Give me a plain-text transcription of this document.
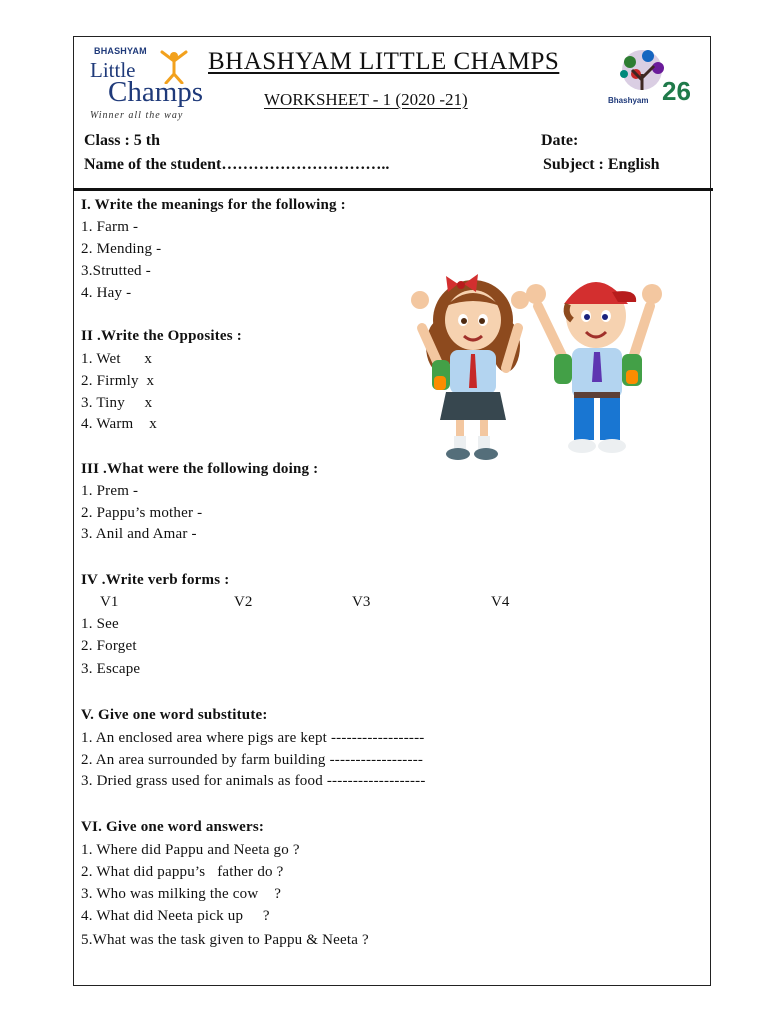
BHASHYAM
Little
Champs
Winner all the way
BHASHYAM LITTLE CHAMPS
WORKSHEET - 1 (2020 -21)	26
Bhashyam
Class : 5 th	Date:
Name of the student…………………………..	Subject : English
I. Write the meanings for the following :
1. Farm -
2. Mending -
3.Strutted -
4. Hay -
II .Write the Opposites :
1. Wet      x
2. Firmly  x
3. Tiny     x
4. Warm    x
III .What were the following doing :
1. Prem -
2. Pappu’s mother -
3. Anil and Amar -
IV .Write verb forms :
V1	V2	V3	V4
1. See
2. Forget
3. Escape
V. Give one word substitute:
1. An enclosed area where pigs are kept ------------------
2. An area surrounded by farm building ------------------
3. Dried grass used for animals as food -------------------
VI. Give one word answers:
1. Where did Pappu and Neeta go ?
2. What did pappu’s   father do ?
3. Who was milking the cow    ?
4. What did Neeta pick up     ?
5.What was the task given to Pappu & Neeta ?
